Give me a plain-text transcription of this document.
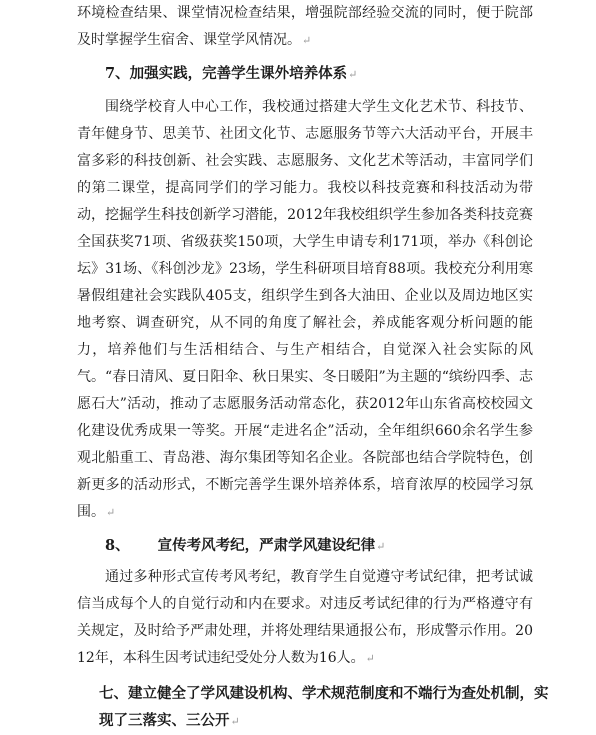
环境检查结果、课堂情况检查结果，增强院部经验交流的同时，便于院部及时掌握学生宿舍、课堂学风情况。↵

7、加强实践，完善学生课外培养体系↵

围绕学校育人中心工作，我校通过搭建大学生文化艺术节、科技节、青年健身节、思美节、社团文化节、志愿服务节等六大活动平台，开展丰富多彩的科技创新、社会实践、志愿服务、文化艺术等活动，丰富同学们的第二课堂，提高同学们的学习能力。我校以科技竞赛和科技活动为带动，挖掘学生科技创新学习潜能，2012年我校组织学生参加各类科技竞赛全国获奖71项、省级获奖150项，大学生申请专利171项，举办《科创论坛》31场、《科创沙龙》23场，学生科研项目培育88项。我校充分利用寒暑假组建社会实践队405支，组织学生到各大油田、企业以及周边地区实地考察、调查研究，从不同的角度了解社会，养成能客观分析问题的能力，培养他们与生活相结合、与生产相结合，自觉深入社会实际的风气。“春日清风、夏日阳伞、秋日果实、冬日暖阳”为主题的“缤纷四季、志愿石大”活动，推动了志愿服务活动常态化，获2012年山东省高校校园文化建设优秀成果一等奖。开展“走进名企”活动，全年组织660余名学生参观北船重工、青岛港、海尔集团等知名企业。各院部也结合学院特色，创新更多的活动形式，不断完善学生课外培养体系，培育浓厚的校园学习氛围。↵

8、 宣传考风考纪，严肃学风建设纪律↵

通过多种形式宣传考风考纪，教育学生自觉遵守考试纪律，把考试诚信当成每个人的自觉行动和内在要求。对违反考试纪律的行为严格遵守有关规定，及时给予严肃处理，并将处理结果通报公布，形成警示作用。2012年，本科生因考试违纪受处分人数为16人。↵

七、建立健全了学风建设机构、学术规范制度和不端行为查处机制，实现了三落实、三公开↵
